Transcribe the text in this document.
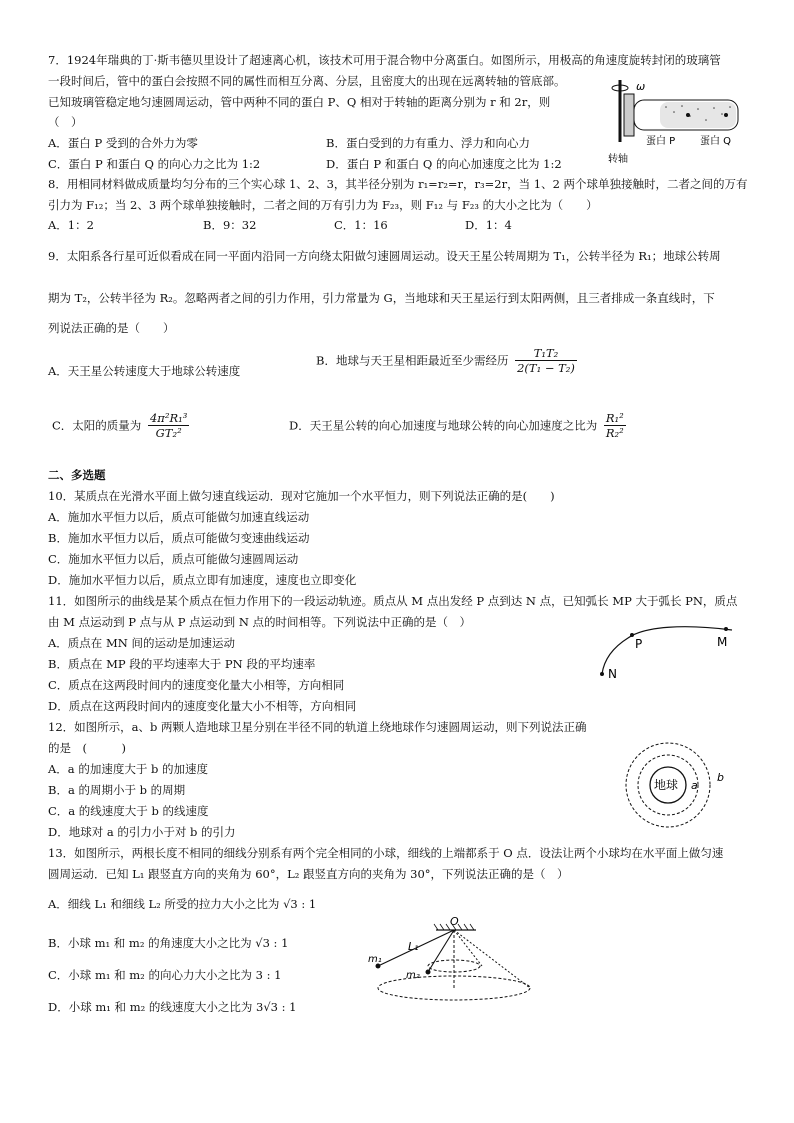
7．1924年瑞典的丁·斯韦德贝里设计了超速离心机，该技术可用于混合物中分离蛋白。如图所示，用极高的角速度旋转封闭的玻璃管
一段时间后，管中的蛋白会按照不同的属性而相互分离、分层，且密度大的出现在远离转轴的管底部。
已知玻璃管稳定地匀速圆周运动，管中两种不同的蛋白 P、Q 相对于转轴的距离分别为 r 和 2r，则
（　）
A．蛋白 P 受到的合外力为零	B．蛋白受到的力有重力、浮力和向心力
C．蛋白 P 和蛋白 Q 的向心力之比为 1:2	D．蛋白 P 和蛋白 Q 的向心加速度之比为 1:2
ω
蛋白 P 蛋白 Q
转轴
8．用相同材料做成质量均匀分布的三个实心球 1、2、3，其半径分别为 r₁=r₂=r，r₃=2r，当 1、2 两个球单独接触时，二者之间的万有
引力为 F₁₂；当 2、3 两个球单独接触时，二者之间的万有引力为 F₂₃，则 F₁₂ 与 F₂₃ 的大小之比为（　　）
A．1：2	B．9：32	C．1：16	D．1：4
9．太阳系各行星可近似看成在同一平面内沿同一方向绕太阳做匀速圆周运动。设天王星公转周期为 T₁，公转半径为 R₁；地球公转周
期为 T₂，公转半径为 R₂。忽略两者之间的引力作用，引力常量为 G，当地球和天王星运行到太阳两侧，且三者排成一条直线时，下
列说法正确的是（　　）
A．天王星公转速度大于地球公转速度
B．地球与天王星相距最近至少需经历 $\frac{\text{T₁T₂}}{\text{2(T₁ − T₂)}}$
C．太阳的质量为 $\frac{\text{4π²R₁³}}{\text{GT₂²}}$	D．天王星公转的向心加速度与地球公转的向心加速度之比为 $\frac{\text{R₁²}}{\text{R₂²}}$
二、多选题
10．某质点在光滑水平面上做匀速直线运动．现对它施加一个水平恒力，则下列说法正确的是(　　)
A．施加水平恒力以后，质点可能做匀加速直线运动
B．施加水平恒力以后，质点可能做匀变速曲线运动
C．施加水平恒力以后，质点可能做匀速圆周运动
D．施加水平恒力以后，质点立即有加速度，速度也立即变化
11．如图所示的曲线是某个质点在恒力作用下的一段运动轨迹。质点从 M 点出发经 P 点到达 N 点，已知弧长 MP 大于弧长 PN，质点
由 M 点运动到 P 点与从 P 点运动到 N 点的时间相等。下列说法中正确的是（　）
A．质点在 MN 间的运动是加速运动
B．质点在 MP 段的平均速率大于 PN 段的平均速率
C．质点在这两段时间内的速度变化量大小相等，方向相同
D．质点在这两段时间内的速度变化量大小不相等，方向相同
M
P
N
12．如图所示，a、b 两颗人造地球卫星分别在半径不同的轨道上绕地球作匀速圆周运动，则下列说法正确
的是　(　　　)
A．a 的加速度大于 b 的加速度
B．a 的周期小于 b 的周期
C．a 的线速度大于 b 的线速度
D．地球对 a 的引力小于对 b 的引力
地球 a
b
13．如图所示，两根长度不相同的细线分别系有两个完全相同的小球，细线的上端都系于 O 点．设法让两个小球均在水平面上做匀速
圆周运动．已知 L₁ 跟竖直方向的夹角为 60°，L₂ 跟竖直方向的夹角为 30°，下列说法正确的是（　）
A．细线 L₁ 和细线 L₂ 所受的拉力大小之比为 √3 : 1
B．小球 m₁ 和 m₂ 的角速度大小之比为 √3 : 1
C．小球 m₁ 和 m₂ 的向心力大小之比为 3 : 1
D．小球 m₁ 和 m₂ 的线速度大小之比为 3√3 : 1
O
L₁
m₁
m₂
